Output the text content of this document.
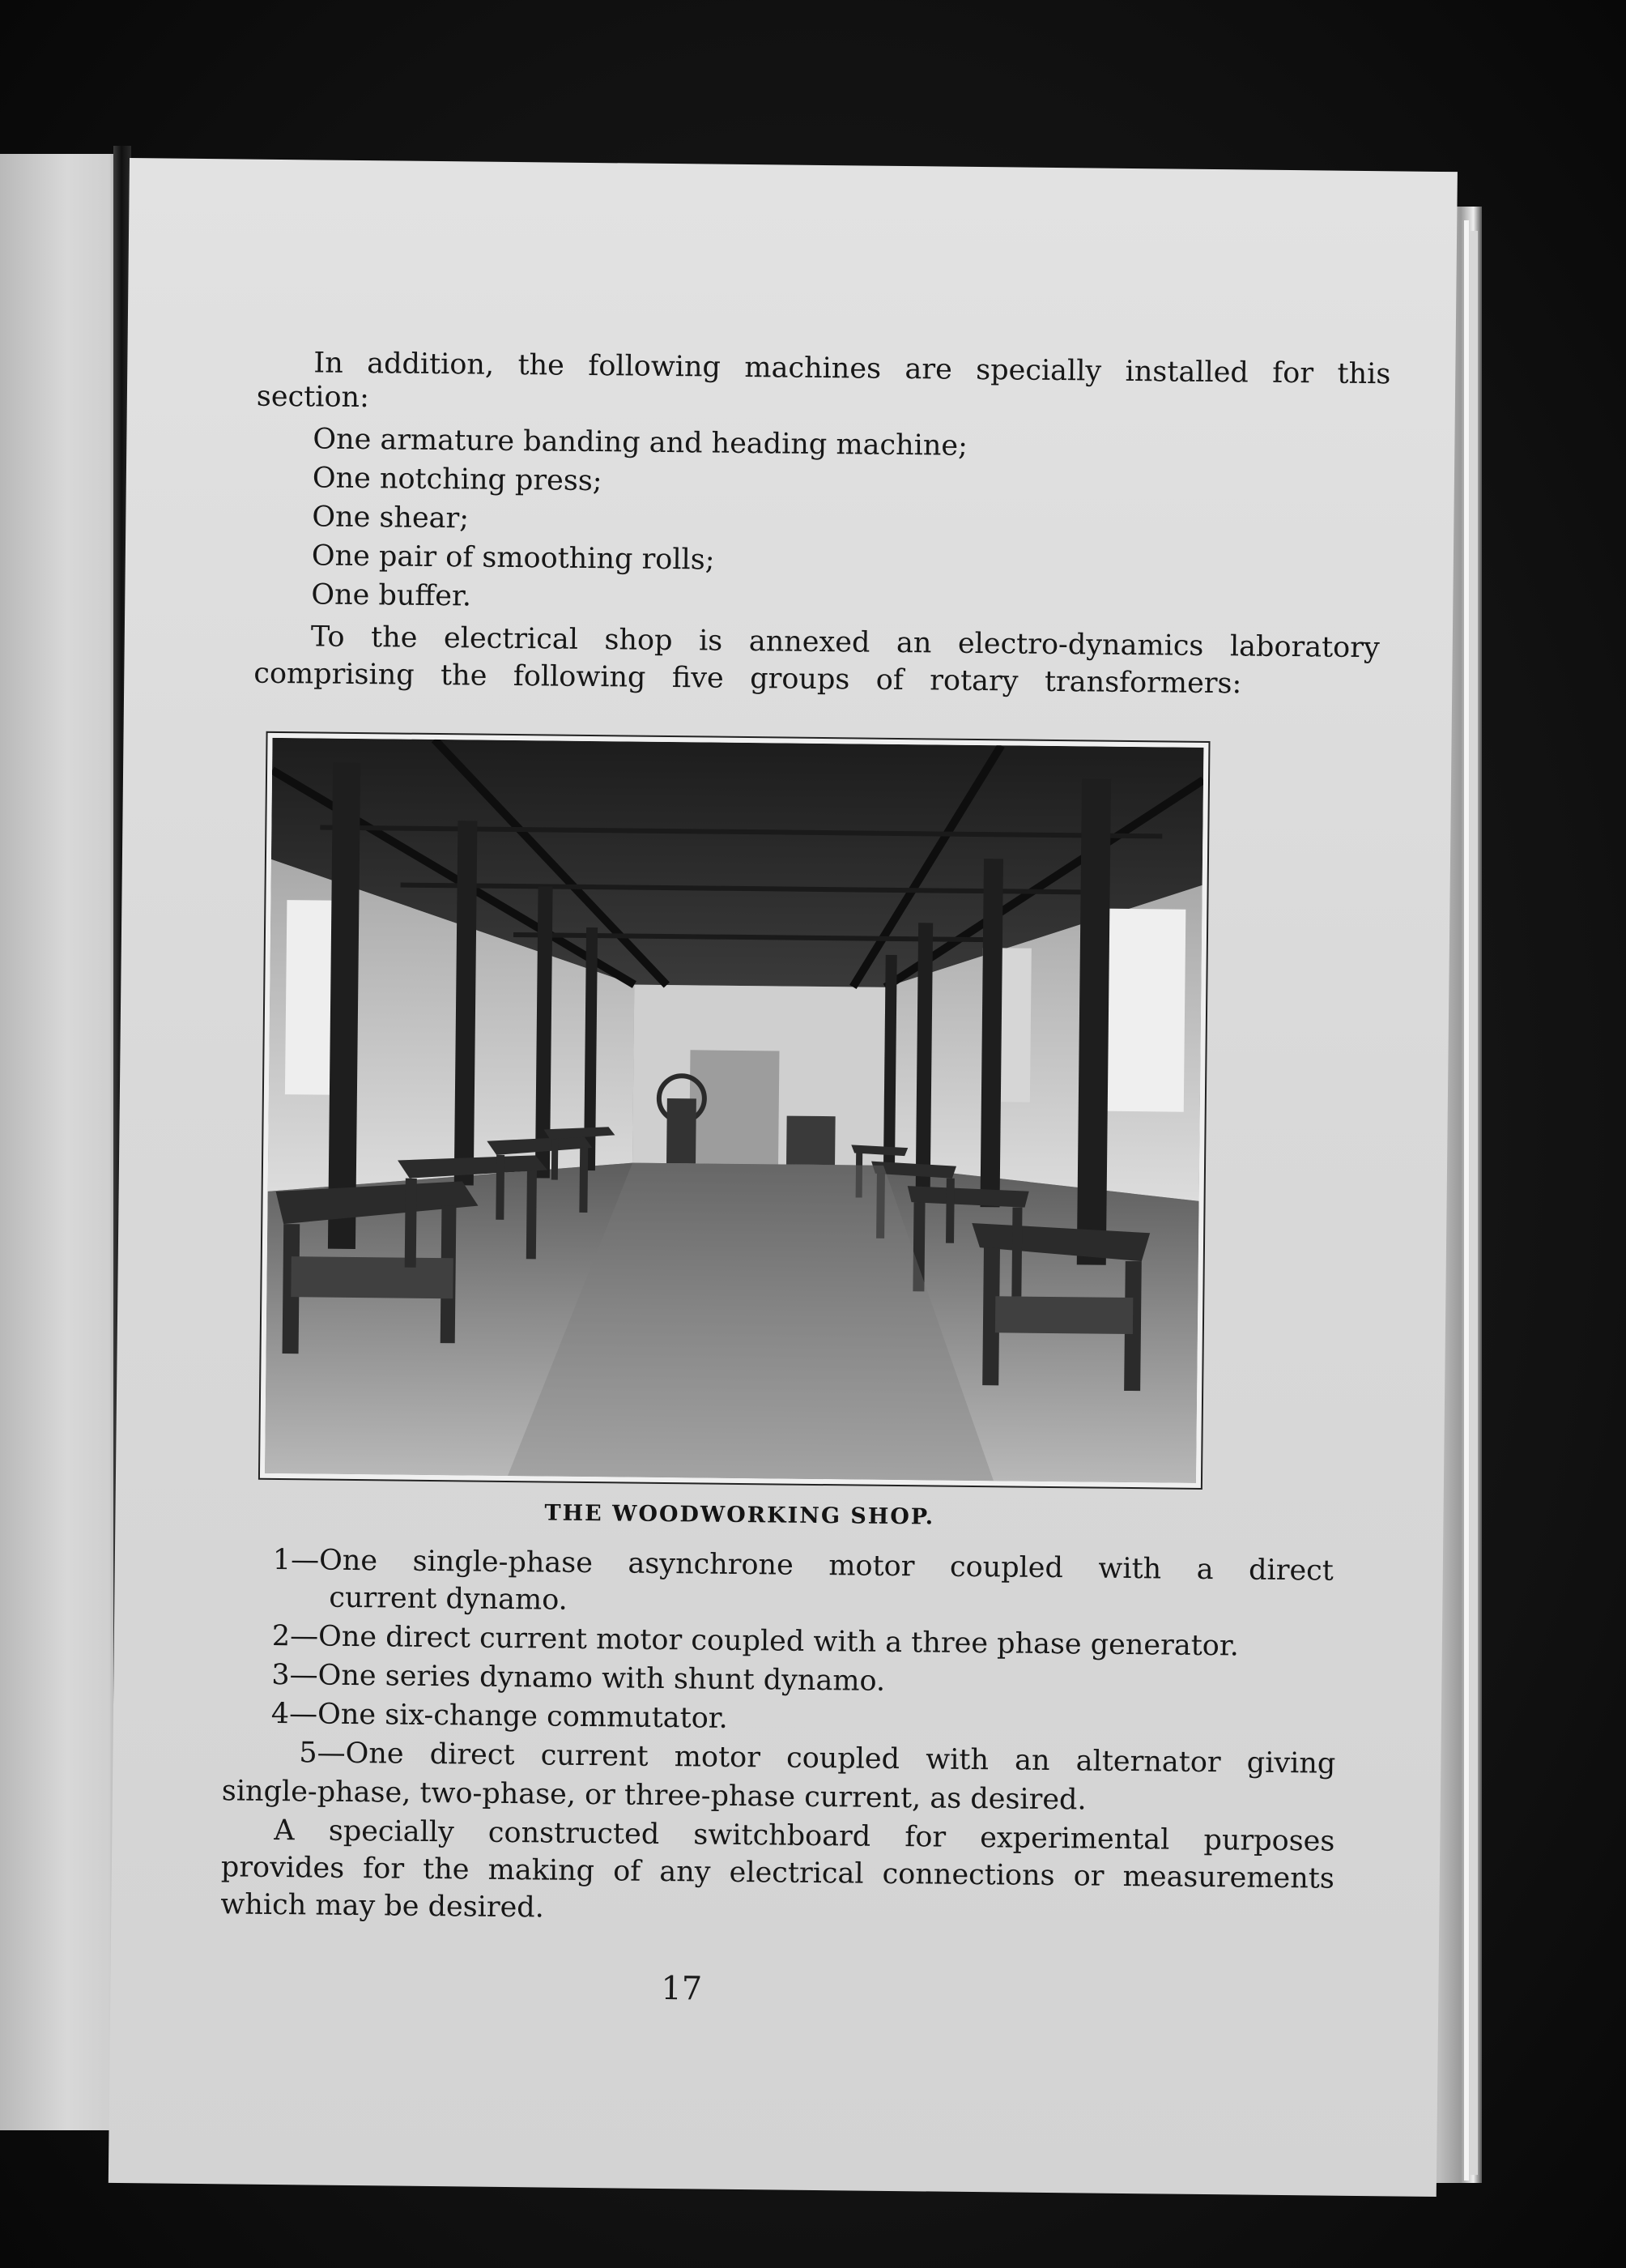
In addition, the following machines are specially installed for this
section:
One armature banding and heading machine;
One notching press;
One shear;
One pair of smoothing rolls;
One buffer.
To the electrical shop is annexed an electro-dynamics laboratory
comprising the following five groups of rotary transformers:
THE WOODWORKING SHOP.
1—One single-phase asynchrone motor coupled with a direct
current dynamo.
2—One direct current motor coupled with a three phase generator.
3—One series dynamo with shunt dynamo.
4—One six-change commutator.
5—One direct current motor coupled with an alternator giving
single-phase, two-phase, or three-phase current, as desired.
A specially constructed switchboard for experimental purposes
provides for the making of any electrical connections or measurements
which may be desired.
17
